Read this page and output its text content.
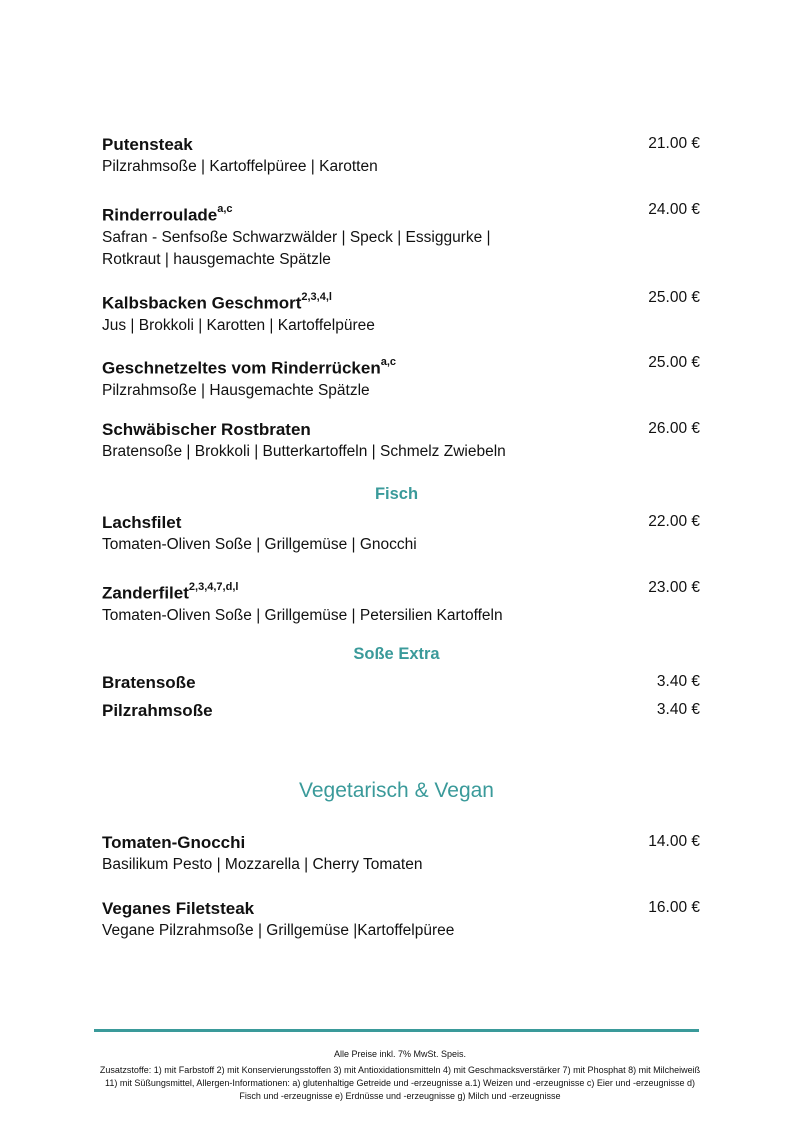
Putensteak
Pilzrahmsoße | Kartoffelpüree | Karotten
21.00 €
Rinderroulade$^{a,c}$
Safran - Senfsoße Schwarzwälder | Speck | Essiggurke | Rotkraut | hausgemachte Spätzle
24.00 €
Kalbsbacken Geschmort$^{2,3,4,l}$
Jus | Brokkoli | Karotten | Kartoffelpüree
25.00 €
Geschnetzeltes vom Rinderrücken$^{a,c}$
Pilzrahmsoße | Hausgemachte Spätzle
25.00 €
Schwäbischer Rostbraten
Bratensoße | Brokkoli | Butterkartoffeln | Schmelz Zwiebeln
26.00 €
Fisch
Lachsfilet
Tomaten-Oliven Soße | Grillgemüse | Gnocchi
22.00 €
Zanderfilet$^{2,3,4,7,d,l}$
Tomaten-Oliven Soße | Grillgemüse | Petersilien Kartoffeln
23.00 €
Soße Extra
Bratensoße	3.40 €
Pilzrahmsoße	3.40 €
Vegetarisch & Vegan
Tomaten-Gnocchi
Basilikum Pesto | Mozzarella | Cherry Tomaten
14.00 €
Veganes Filetsteak
Vegane Pilzrahmsoße | Grillgemüse |Kartoffelpüree
16.00 €
Alle Preise inkl. 7% MwSt. Speis.
Zusatzstoffe: 1) mit Farbstoff 2) mit Konservierungsstoffen 3) mit Antioxidationsmitteln 4) mit Geschmacksverstärker 7) mit Phosphat 8) mit Milcheiweiß 11) mit Süßungsmittel, Allergen-Informationen: a) glutenhaltige Getreide und -erzeugnisse a.1) Weizen und -erzeugnisse c) Eier und -erzeugnisse d) Fisch und -erzeugnisse e) Erdnüsse und -erzeugnisse g) Milch und -erzeugnisse
